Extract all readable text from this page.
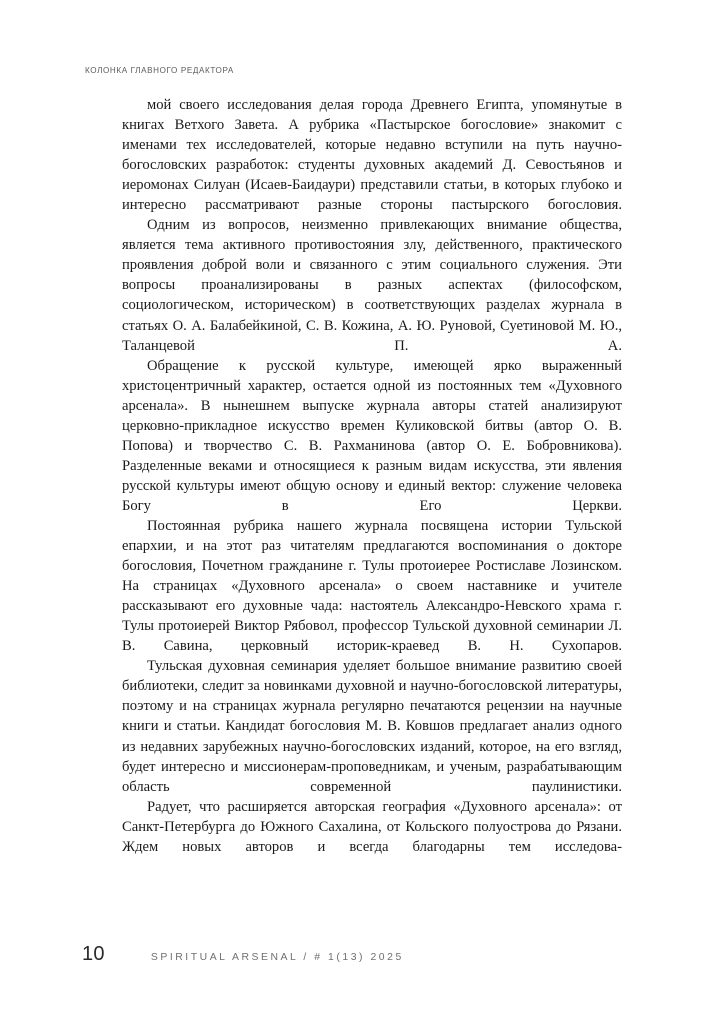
КОЛОНКА ГЛАВНОГО РЕДАКТОРА

мой своего исследования делая города Древнего Египта, упомянутые в книгах Ветхого Завета. А рубрика «Пастырское богословие» знакомит с именами тех исследователей, которые недавно вступили на путь научно-богословских разработок: студенты духовных академий Д. Севостьянов и иеромонах Силуан (Исаев-Баидаури) представили статьи, в которых глубоко и интересно рассматривают разные стороны пастырского богословия.

Одним из вопросов, неизменно привлекающих внимание общества, является тема активного противостояния злу, действенного, практического проявления доброй воли и связанного с этим социального служения. Эти вопросы проанализированы в разных аспектах (философском, социологическом, историческом) в соответствующих разделах журнала в статьях О. А. Балабейкиной, С. В. Кожина, А. Ю. Руновой, Суетиновой М. Ю., Таланцевой П. А.

Обращение к русской культуре, имеющей ярко выраженный христоцентричный характер, остается одной из постоянных тем «Духовного арсенала». В нынешнем выпуске журнала авторы статей анализируют церковно-прикладное искусство времен Куликовской битвы (автор О. В. Попова) и творчество С. В. Рахманинова (автор О. Е. Бобровникова). Разделенные веками и относящиеся к разным видам искусства, эти явления русской культуры имеют общую основу и единый вектор: служение человека Богу в Его Церкви.

Постоянная рубрика нашего журнала посвящена истории Тульской епархии, и на этот раз читателям предлагаются воспоминания о докторе богословия, Почетном гражданине г. Тулы протоиерее Ростиславе Лозинском. На страницах «Духовного арсенала» о своем наставнике и учителе рассказывают его духовные чада: настоятель Александро-Невского храма г. Тулы протоиерей Виктор Рябовол, профессор Тульской духовной семинарии Л. В. Савина, церковный историк-краевед В. Н. Сухопаров.

Тульская духовная семинария уделяет большое внимание развитию своей библиотеки, следит за новинками духовной и научно-богословской литературы, поэтому и на страницах журнала регулярно печатаются рецензии на научные книги и статьи. Кандидат богословия М. В. Ковшов предлагает анализ одного из недавних зарубежных научно-богословских изданий, которое, на его взгляд, будет интересно и миссионерам-проповедникам, и ученым, разрабатывающим область современной паулинистики.

Радует, что расширяется авторская география «Духовного арсенала»: от Санкт-Петербурга до Южного Сахалина, от Кольского полуострова до Рязани. Ждем новых авторов и всегда благодарны тем исследова-

10	SPIRITUAL ARSENAL / # 1(13) 2025
